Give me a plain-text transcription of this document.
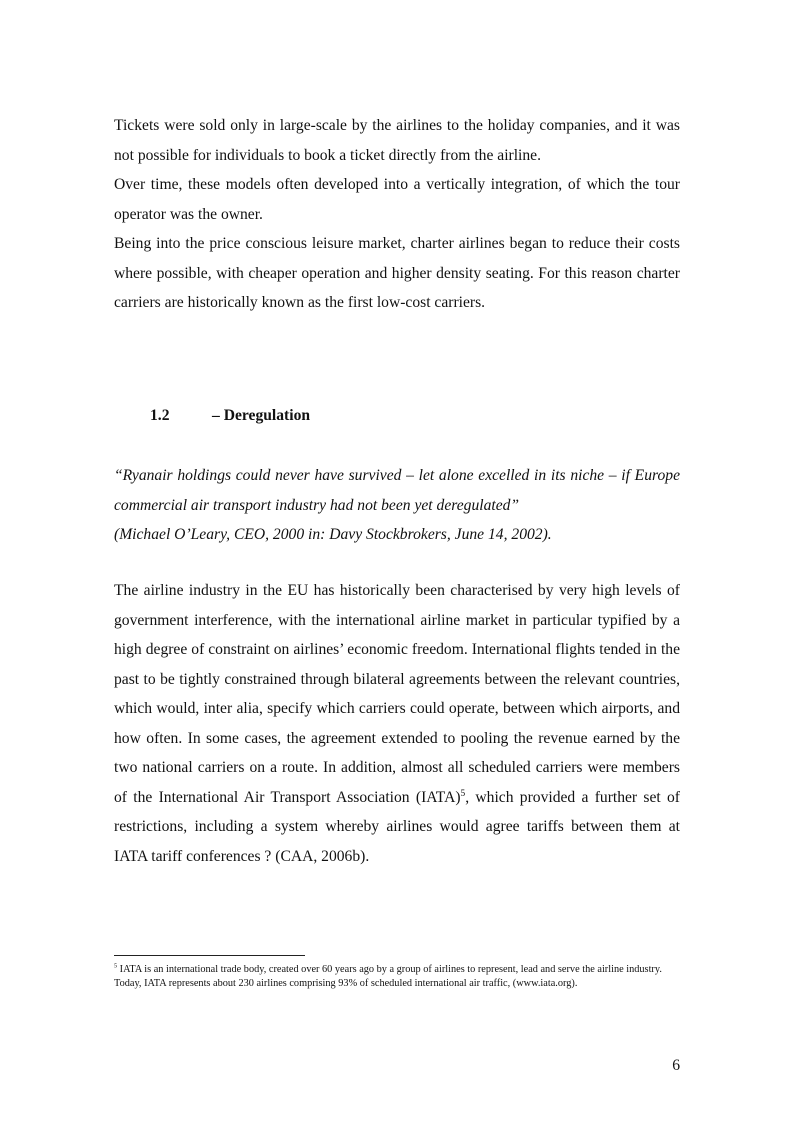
Tickets were sold only in large-scale by the airlines to the holiday companies, and it was not possible for individuals to book a ticket directly from the airline.

Over time, these models often developed into a vertically integration, of which the tour operator was the owner.

Being into the price conscious leisure market, charter airlines began to reduce their costs where possible, with cheaper operation and higher density seating. For this reason charter carriers are historically known as the first low-cost carriers.

1.2	– Deregulation

“Ryanair holdings could never have survived – let alone excelled in its niche – if Europe commercial air transport industry had not been yet deregulated”

(Michael O’Leary, CEO, 2000 in: Davy Stockbrokers, June 14, 2002).

The airline industry in the EU has historically been characterised by very high levels of government interference, with the international airline market in particular typified by a high degree of constraint on airlines’ economic freedom. International flights tended in the past to be tightly constrained through bilateral agreements between the relevant countries, which would, inter alia, specify which carriers could operate, between which airports, and how often. In some cases, the agreement extended to pooling the revenue earned by the two national carriers on a route. In addition, almost all scheduled carriers were members of the International Air Transport Association (IATA)$^5$, which provided a further set of restrictions, including a system whereby airlines would agree tariffs between them at IATA tariff conferences ? (CAA, 2006b).

$^5$ IATA is an international trade body, created over 60 years ago by a group of airlines to represent, lead and serve the airline industry. Today, IATA represents about 230 airlines comprising 93% of scheduled international air traffic, (www.iata.org).
6
